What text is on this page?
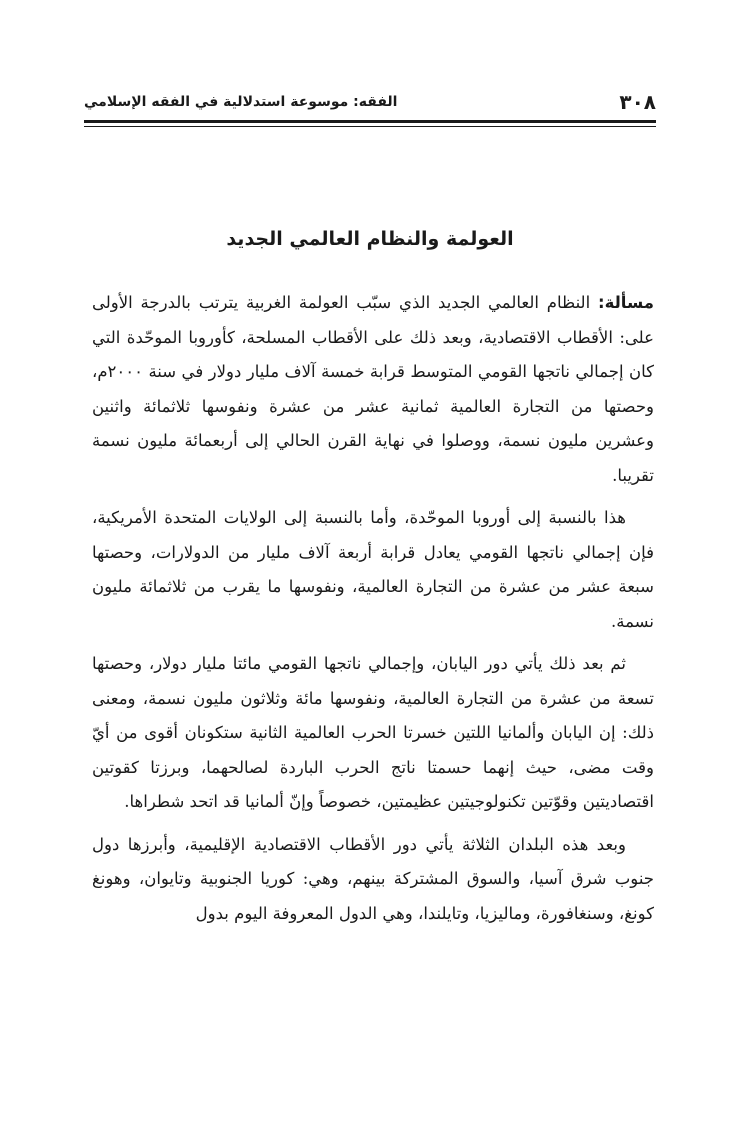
٣٠٨
الفقه: موسوعة استدلالية في الفقه الإسلامي
العولمة والنظام العالمي الجديد

مسألة: النظام العالمي الجديد الذي سبّب العولمة الغربية يترتب بالدرجة الأولى على: الأقطاب الاقتصادية، وبعد ذلك على الأقطاب المسلحة، كأوروبا الموحّدة التي كان إجمالي ناتجها القومي المتوسط قرابة خمسة آلاف مليار دولار في سنة ٢٠٠٠م، وحصتها من التجارة العالمية ثمانية عشر من عشرة ونفوسها ثلاثمائة واثنين وعشرين مليون نسمة، ووصلوا في نهاية القرن الحالي إلى أربعمائة مليون نسمة تقريبا.

هذا بالنسبة إلى أوروبا الموحّدة، وأما بالنسبة إلى الولايات المتحدة الأمريكية، فإن إجمالي ناتجها القومي يعادل قرابة أربعة آلاف مليار من الدولارات، وحصتها سبعة عشر من عشرة من التجارة العالمية، ونفوسها ما يقرب من ثلاثمائة مليون نسمة.

ثم بعد ذلك يأتي دور اليابان، وإجمالي ناتجها القومي مائتا مليار دولار، وحصتها تسعة من عشرة من التجارة العالمية، ونفوسها مائة وثلاثون مليون نسمة، ومعنى ذلك: إن اليابان وألمانيا اللتين خسرتا الحرب العالمية الثانية ستكونان أقوى من أيّ وقت مضى، حيث إنهما حسمتا ناتج الحرب الباردة لصالحهما، وبرزتا كقوتين اقتصاديتين وقوّتين تكنولوجيتين عظيمتين، خصوصاً وإنّ ألمانيا قد اتحد شطراها.

وبعد هذه البلدان الثلاثة يأتي دور الأقطاب الاقتصادية الإقليمية، وأبرزها دول جنوب شرق آسيا، والسوق المشتركة بينهم، وهي: كوريا الجنوبية وتايوان، وهونغ كونغ، وسنغافورة، وماليزيا، وتايلندا، وهي الدول المعروفة اليوم بدول
